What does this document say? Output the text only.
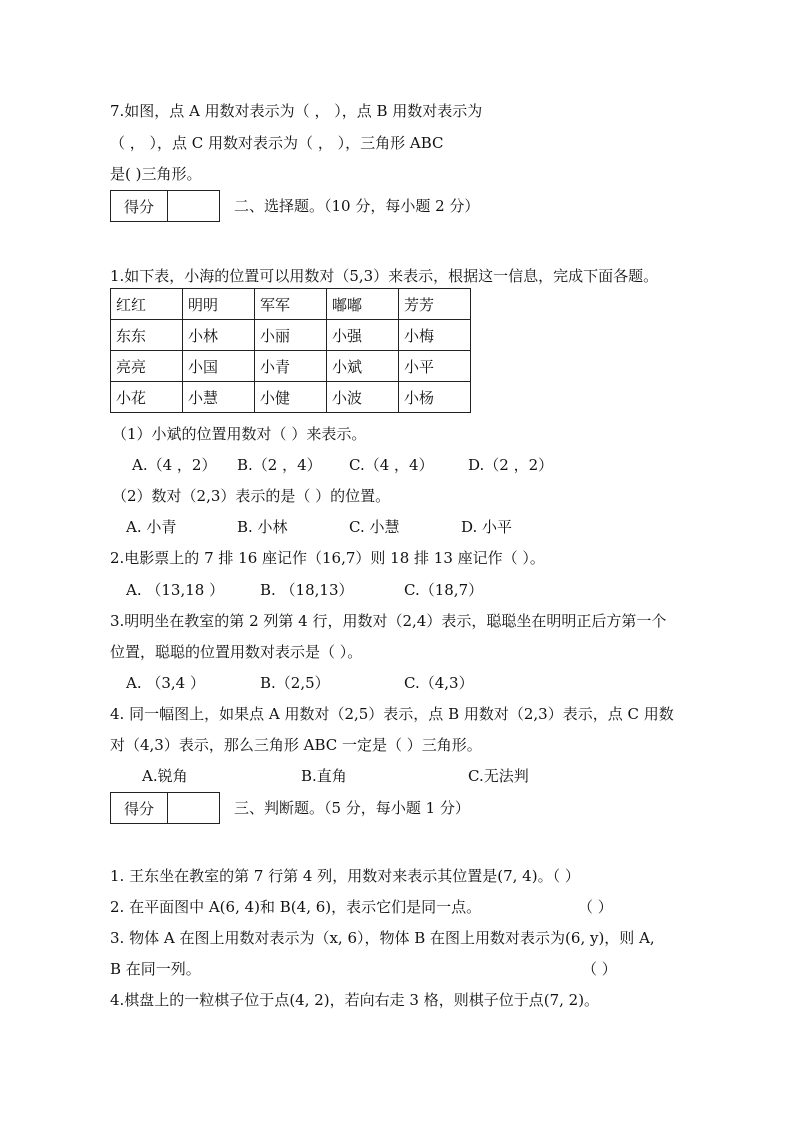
7.如图，点 A 用数对表示为（ ， ），点 B 用数对表示为
（ ， ），点 C 用数对表示为（ ， ），三角形 ABC
是( )三角形。
得分	二、选择题。（10 分，每小题 2 分）
1.如下表，小海的位置可以用数对（5,3）来表示，根据这一信息，完成下面各题。
红红	明明	军军	嘟嘟	芳芳
东东	小林	小丽	小强	小梅
亮亮	小国	小青	小斌	小平
小花	小慧	小健	小波	小杨
（1）小斌的位置用数对（ ）来表示。
A.（4 ，2） B.（2 ，4） C.（4 ，4） D.（2 ，2）
（2）数对（2,3）表示的是（ ）的位置。
A. 小青	B. 小林	C. 小慧	D. 小平
2.电影票上的 7 排 16 座记作（16,7）则 18 排 13 座记作（ ）。
A. （13,18 ） B. （18,13）	C.（18,7）
3.明明坐在教室的第 2 列第 4 行，用数对（2,4）表示，聪聪坐在明明正后方第一个
位置，聪聪的位置用数对表示是（ ）。
A. （3,4 ）	B.（2,5）	C.（4,3）
4. 同一幅图上，如果点 A 用数对（2,5）表示，点 B 用数对（2,3）表示，点 C 用数
对（4,3）表示，那么三角形 ABC 一定是（ ）三角形。
A.锐角	B.直角	C.无法判
得分	三、判断题。（5 分，每小题 1 分）
1. 王东坐在教室的第 7 行第 4 列，用数对来表示其位置是(7, 4)。（ ）
2. 在平面图中 A(6, 4)和 B(4, 6)，表示它们是同一点。	（ ）
3. 物体 A 在图上用数对表示为（x, 6），物体 B 在图上用数对表示为(6, y)，则 A,
B 在同一列。	（ ）
4.棋盘上的一粒棋子位于点(4, 2)，若向右走 3 格，则棋子位于点(7, 2)。
